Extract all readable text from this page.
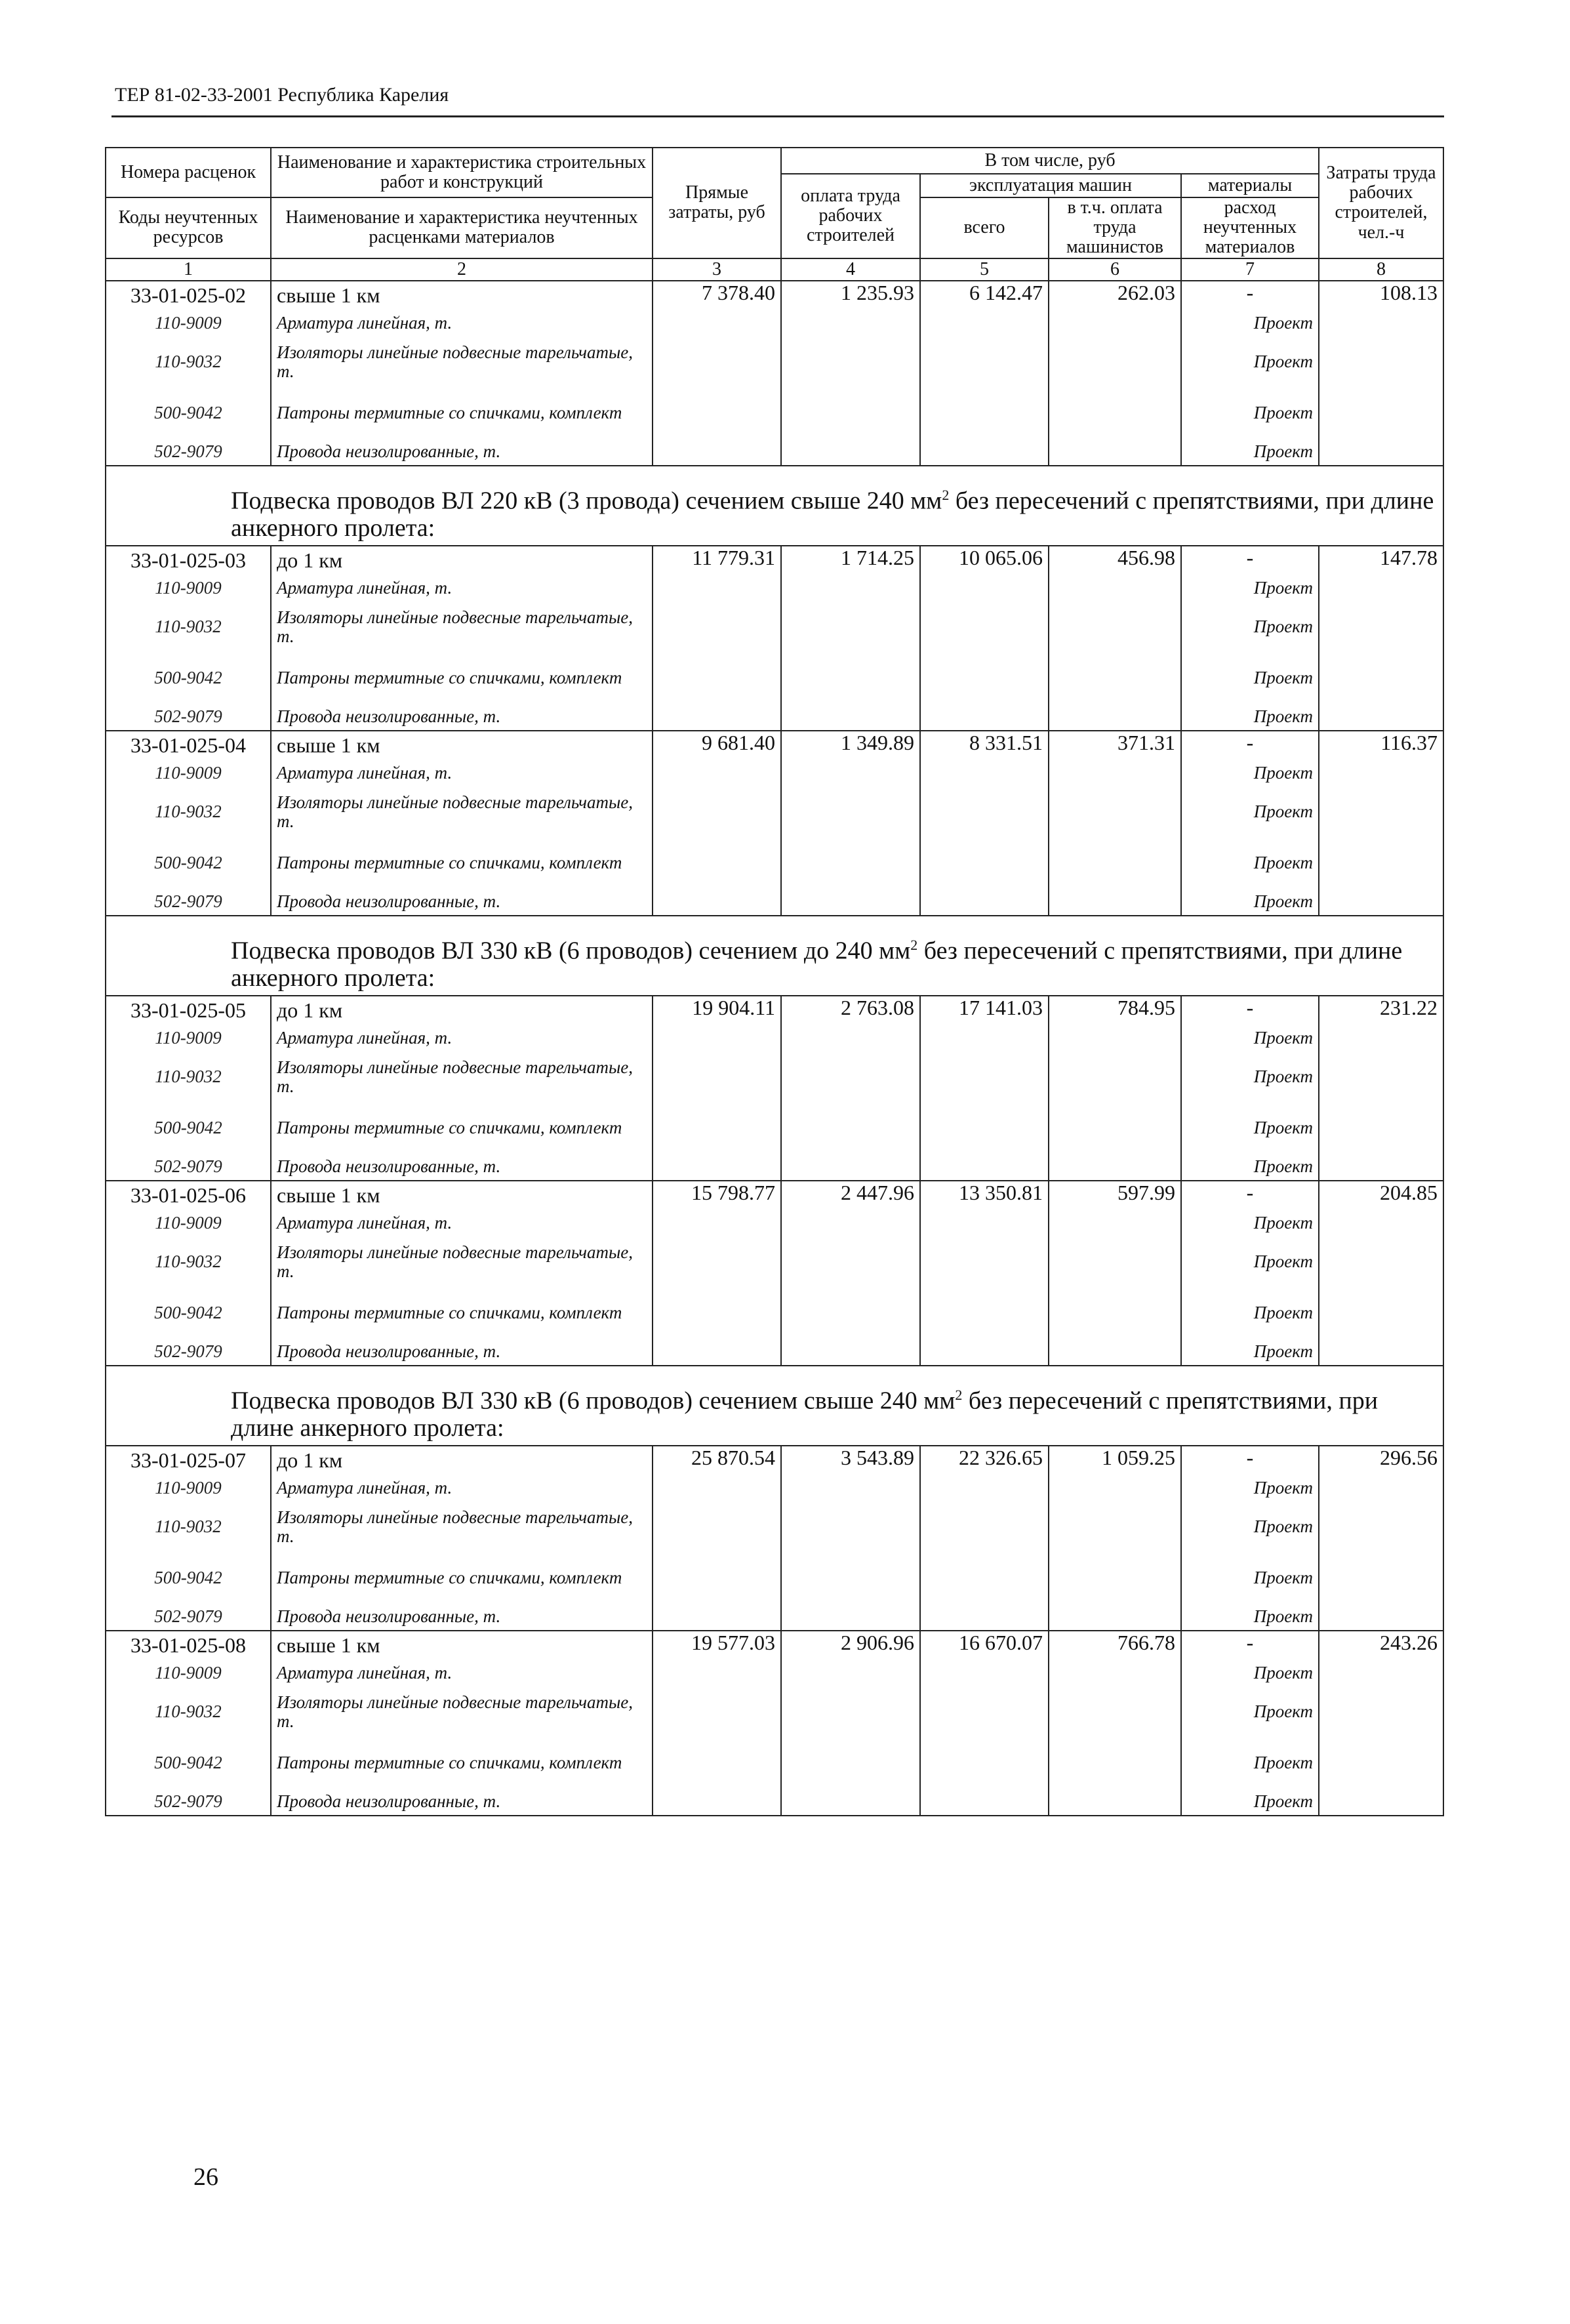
ТЕР 81-02-33-2001 Республика Карелия
Номера расценок	Наименование и характеристика строительных работ и конструкций	Прямые затраты, руб	В том числе, руб				Затраты труда рабочих строителей, чел.-ч
			оплата труда рабочих строителей	эксплуатация машин		материалы	
Коды неучтенных ресурсов	Наименование и характеристика неучтенных расценками материалов			всего	в т.ч. оплата труда машинистов	расход неучтенных материалов	

1	2	3	4	5	6	7	8
33-01-025-02	свыше 1 км	7 378.40	1 235.93	6 142.47	262.03	-	108.13
110-9009	Арматура линейная, т.					Проект	
110-9032	Изоляторы линейные подвесные тарельчатые, т.					Проект	
500-9042	Патроны термитные со спичками, комплект					Проект	
502-9079	Провода неизолированные, т.					Проект	
Подвеска проводов ВЛ 220 кВ (3 провода) сечением свыше 240 $мм^2$ без пересечений с препятствиями, при длине анкерного пролета:							
33-01-025-03	до 1 км	11 779.31	1 714.25	10 065.06	456.98	-	147.78
110-9009	Арматура линейная, т.					Проект	
110-9032	Изоляторы линейные подвесные тарельчатые, т.					Проект	
500-9042	Патроны термитные со спичками, комплект					Проект	
502-9079	Провода неизолированные, т.					Проект	
33-01-025-04	свыше 1 км	9 681.40	1 349.89	8 331.51	371.31	-	116.37
110-9009	Арматура линейная, т.					Проект	
110-9032	Изоляторы линейные подвесные тарельчатые, т.					Проект	
500-9042	Патроны термитные со спичками, комплект					Проект	
502-9079	Провода неизолированные, т.					Проект	
Подвеска проводов ВЛ 330 кВ (6 проводов) сечением до 240 $мм^2$ без пересечений с препятствиями, при длине анкерного пролета:							
33-01-025-05	до 1 км	19 904.11	2 763.08	17 141.03	784.95	-	231.22
110-9009	Арматура линейная, т.					Проект	
110-9032	Изоляторы линейные подвесные тарельчатые, т.					Проект	
500-9042	Патроны термитные со спичками, комплект					Проект	
502-9079	Провода неизолированные, т.					Проект	
33-01-025-06	свыше 1 км	15 798.77	2 447.96	13 350.81	597.99	-	204.85
110-9009	Арматура линейная, т.					Проект	
110-9032	Изоляторы линейные подвесные тарельчатые, т.					Проект	
500-9042	Патроны термитные со спичками, комплект					Проект	
502-9079	Провода неизолированные, т.					Проект	
Подвеска проводов ВЛ 330 кВ (6 проводов) сечением свыше 240 $мм^2$ без пересечений с препятствиями, при длине анкерного пролета:							
33-01-025-07	до 1 км	25 870.54	3 543.89	22 326.65	1 059.25	-	296.56
110-9009	Арматура линейная, т.					Проект	
110-9032	Изоляторы линейные подвесные тарельчатые, т.					Проект	
500-9042	Патроны термитные со спичками, комплект					Проект	
502-9079	Провода неизолированные, т.					Проект	
33-01-025-08	свыше 1 км	19 577.03	2 906.96	16 670.07	766.78	-	243.26
110-9009	Арматура линейная, т.					Проект	
110-9032	Изоляторы линейные подвесные тарельчатые, т.					Проект	
500-9042	Патроны термитные со спичками, комплект					Проект	
502-9079	Провода неизолированные, т.					Проект	
26
